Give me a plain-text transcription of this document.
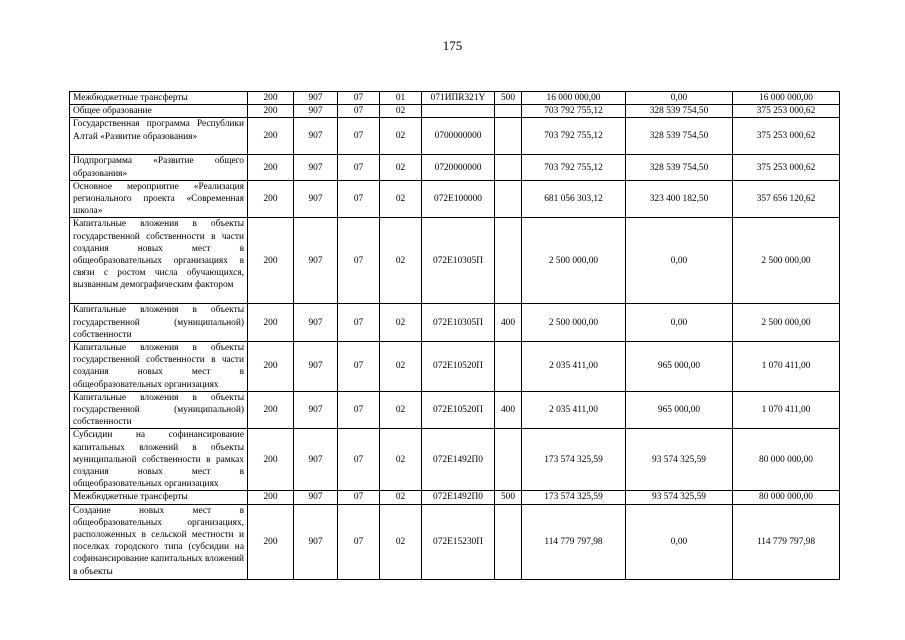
175
Межбюджетные трансферты	200	907	07	01	071ИПR321Y	500	16 000 000,00	0,00	16 000 000,00
Общее образование	200	907	07	02			703 792 755,12	328 539 754,50	375 253 000,62
Государственная программа Республики Алтай «Развитие образования»	200	907	07	02	0700000000		703 792 755,12	328 539 754,50	375 253 000,62
Подпрограмма «Развитие общего образования»	200	907	07	02	0720000000		703 792 755,12	328 539 754,50	375 253 000,62
Основное мероприятие «Реализация регионального проекта «Современная школа»	200	907	07	02	072E100000		681 056 303,12	323 400 182,50	357 656 120,62
Капитальные вложения в объекты государственной собственности в части создания новых мест в общеобразовательных организациях в связи с ростом числа обучающихся, вызванным демографическим фактором	200	907	07	02	072E10305П		2 500 000,00	0,00	2 500 000,00
Капитальные вложения в объекты государственной (муниципальной) собственности	200	907	07	02	072E10305П	400	2 500 000,00	0,00	2 500 000,00
Капитальные вложения в объекты государственной собственности в части создания новых мест в общеобразовательных организациях	200	907	07	02	072E10520П		2 035 411,00	965 000,00	1 070 411,00
Капитальные вложения в объекты государственной (муниципальной) собственности	200	907	07	02	072E10520П	400	2 035 411,00	965 000,00	1 070 411,00
Субсидии на софинансирование капитальных вложений в объекты муниципальной собственности в рамках создания новых мест в общеобразовательных организациях	200	907	07	02	072E1492П0		173 574 325,59	93 574 325,59	80 000 000,00
Межбюджетные трансферты	200	907	07	02	072E1492П0	500	173 574 325,59	93 574 325,59	80 000 000,00
Создание новых мест в общеобразовательных организациях, расположенных в сельской местности и поселках городского типа (субсидии на софинансирование капитальных вложений в объекты	200	907	07	02	072E15230П		114 779 797,98	0,00	114 779 797,98
